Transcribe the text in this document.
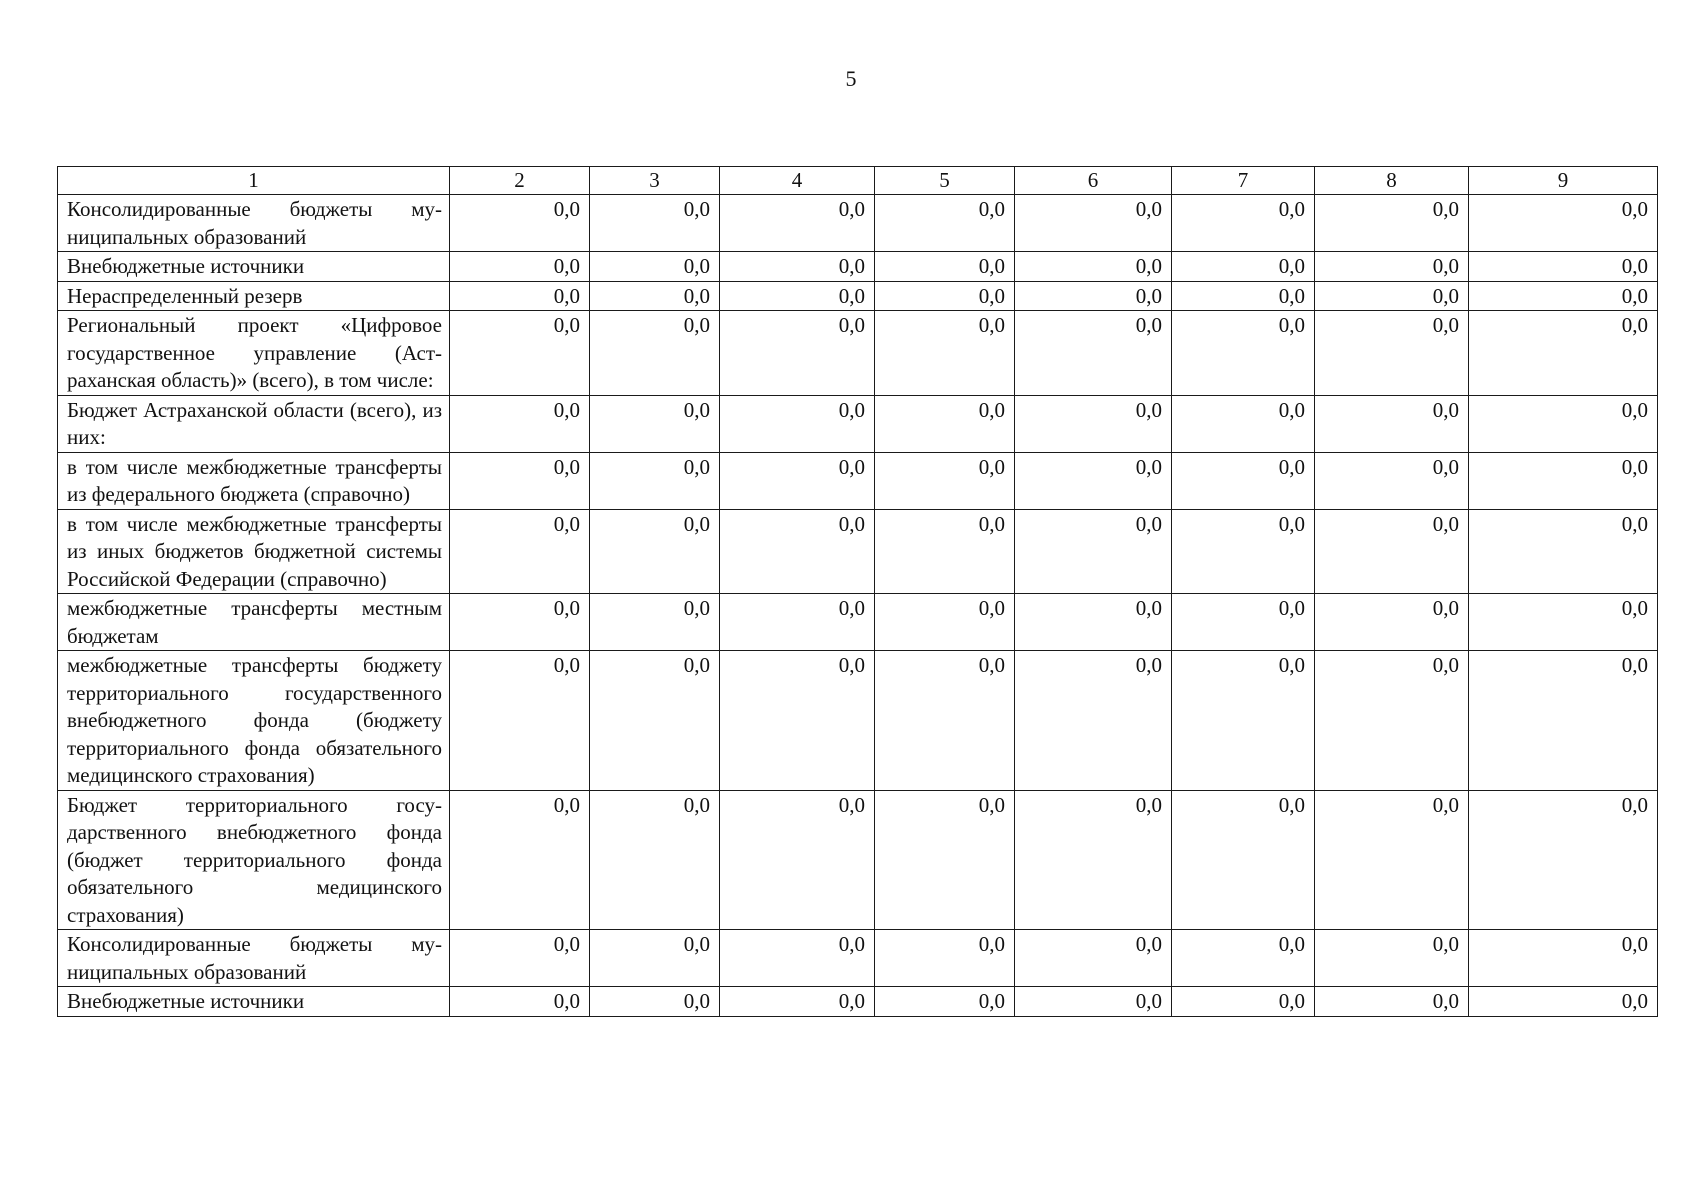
5
1	2	3	4	5	6	7	8	9
Консолидированные бюджеты муниципальных образований	0,0	0,0	0,0	0,0	0,0	0,0	0,0	0,0
Внебюджетные источники	0,0	0,0	0,0	0,0	0,0	0,0	0,0	0,0
Нераспределенный резерв	0,0	0,0	0,0	0,0	0,0	0,0	0,0	0,0
Региональный проект «Цифровое государственное управление (Астраханская область)» (всего), в том числе:	0,0	0,0	0,0	0,0	0,0	0,0	0,0	0,0
Бюджет Астраханской области (всего), из них:	0,0	0,0	0,0	0,0	0,0	0,0	0,0	0,0
в том числе межбюджетные трансферты из федерального бюджета (справочно)	0,0	0,0	0,0	0,0	0,0	0,0	0,0	0,0
в том числе межбюджетные трансферты из иных бюджетов бюджетной системы Российской Федерации (справочно)	0,0	0,0	0,0	0,0	0,0	0,0	0,0	0,0
межбюджетные трансферты местным бюджетам	0,0	0,0	0,0	0,0	0,0	0,0	0,0	0,0
межбюджетные трансферты бюджету территориального государственного внебюджетного фонда (бюджету территориального фонда обязательного медицинского страхования)	0,0	0,0	0,0	0,0	0,0	0,0	0,0	0,0
Бюджет территориального государственного внебюджетного фонда (бюджет территориального фонда обязательного медицинского страхования)	0,0	0,0	0,0	0,0	0,0	0,0	0,0	0,0
Консолидированные бюджеты муниципальных образований	0,0	0,0	0,0	0,0	0,0	0,0	0,0	0,0
Внебюджетные источники	0,0	0,0	0,0	0,0	0,0	0,0	0,0	0,0
